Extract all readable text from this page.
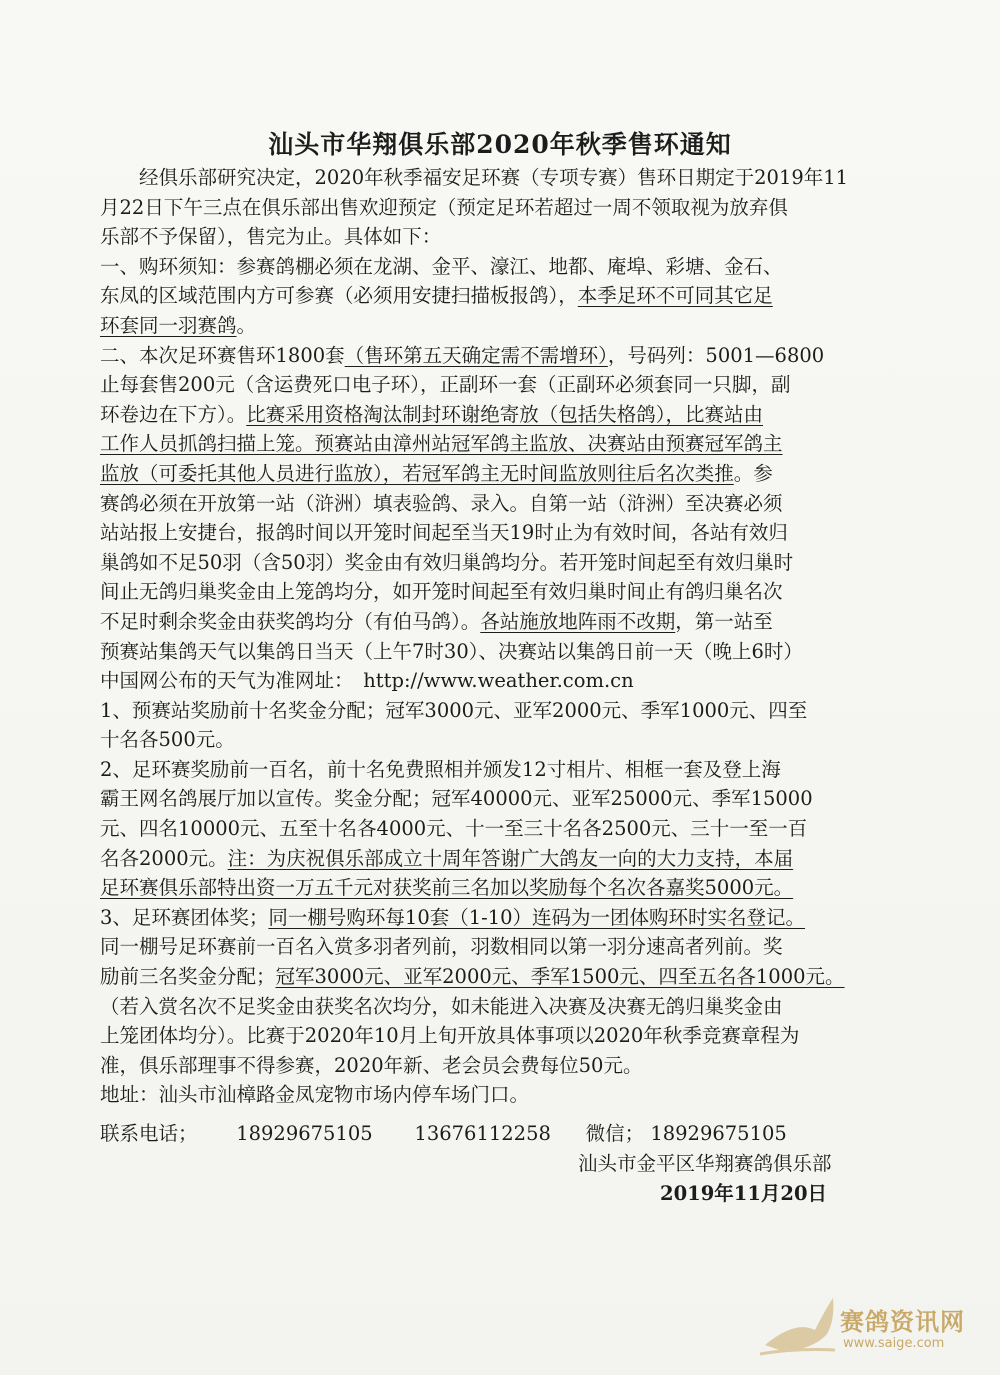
汕头市华翔俱乐部2020年秋季售环通知
　　经俱乐部研究决定，2020年秋季福安足环赛（专项专赛）售环日期定于2019年11
月22日下午三点在俱乐部出售欢迎预定（预定足环若超过一周不领取视为放弃俱
乐部不予保留），售完为止。具体如下：
一、购环须知：参赛鸽棚必须在龙湖、金平、濠江、地都、庵埠、彩塘、金石、
东凤的区域范围内方可参赛（必须用安捷扫描板报鸽），本季足环不可同其它足
环套同一羽赛鸽。
二、本次足环赛售环1800套（售环第五天确定需不需增环），号码列：5001—6800
止每套售200元（含运费死口电子环），正副环一套（正副环必须套同一只脚，副
环卷边在下方）。比赛采用资格淘汰制封环谢绝寄放（包括失格鸽），比赛站由
工作人员抓鸽扫描上笼。预赛站由漳州站冠军鸽主监放、决赛站由预赛冠军鸽主
监放（可委托其他人员进行监放），若冠军鸽主无时间监放则往后名次类推。参
赛鸽必须在开放第一站（浒洲）填表验鸽、录入。自第一站（浒洲）至决赛必须
站站报上安捷台，报鸽时间以开笼时间起至当天19时止为有效时间，各站有效归
巢鸽如不足50羽（含50羽）奖金由有效归巢鸽均分。若开笼时间起至有效归巢时
间止无鸽归巢奖金由上笼鸽均分，如开笼时间起至有效归巢时间止有鸽归巢名次
不足时剩余奖金由获奖鸽均分（有伯马鸽）。各站施放地阵雨不改期，第一站至
预赛站集鸽天气以集鸽日当天（上午7时30）、决赛站以集鸽日前一天（晚上6时）
中国网公布的天气为准网址：　http://www.weather.com.cn
1、预赛站奖励前十名奖金分配；冠军3000元、亚军2000元、季军1000元、四至
十名各500元。
2、足环赛奖励前一百名，前十名免费照相并颁发12寸相片、相框一套及登上海
霸王网名鸽展厅加以宣传。奖金分配；冠军40000元、亚军25000元、季军15000
元、四名10000元、五至十名各4000元、十一至三十名各2500元、三十一至一百
名各2000元。注：为庆祝俱乐部成立十周年答谢广大鸽友一向的大力支持，本届
足环赛俱乐部特出资一万五千元对获奖前三名加以奖励每个名次各嘉奖5000元。
3、足环赛团体奖；同一棚号购环每10套（1-10）连码为一团体购环时实名登记。
同一棚号足环赛前一百名入赏多羽者列前，羽数相同以第一羽分速高者列前。奖
励前三名奖金分配；冠军3000元、亚军2000元、季军1500元、四至五名各1000元。
（若入赏名次不足奖金由获奖名次均分，如未能进入决赛及决赛无鸽归巢奖金由
上笼团体均分）。比赛于2020年10月上旬开放具体事项以2020年秋季竞赛章程为
准，俱乐部理事不得参赛，2020年新、老会员会费每位50元。
地址：汕头市汕樟路金凤宠物市场内停车场门口。
联系电话； 18929675105 13676112258 微信； 18929675105
汕头市金平区华翔赛鸽俱乐部
2019年11月20日
赛鸽资讯网
www.saige.com
